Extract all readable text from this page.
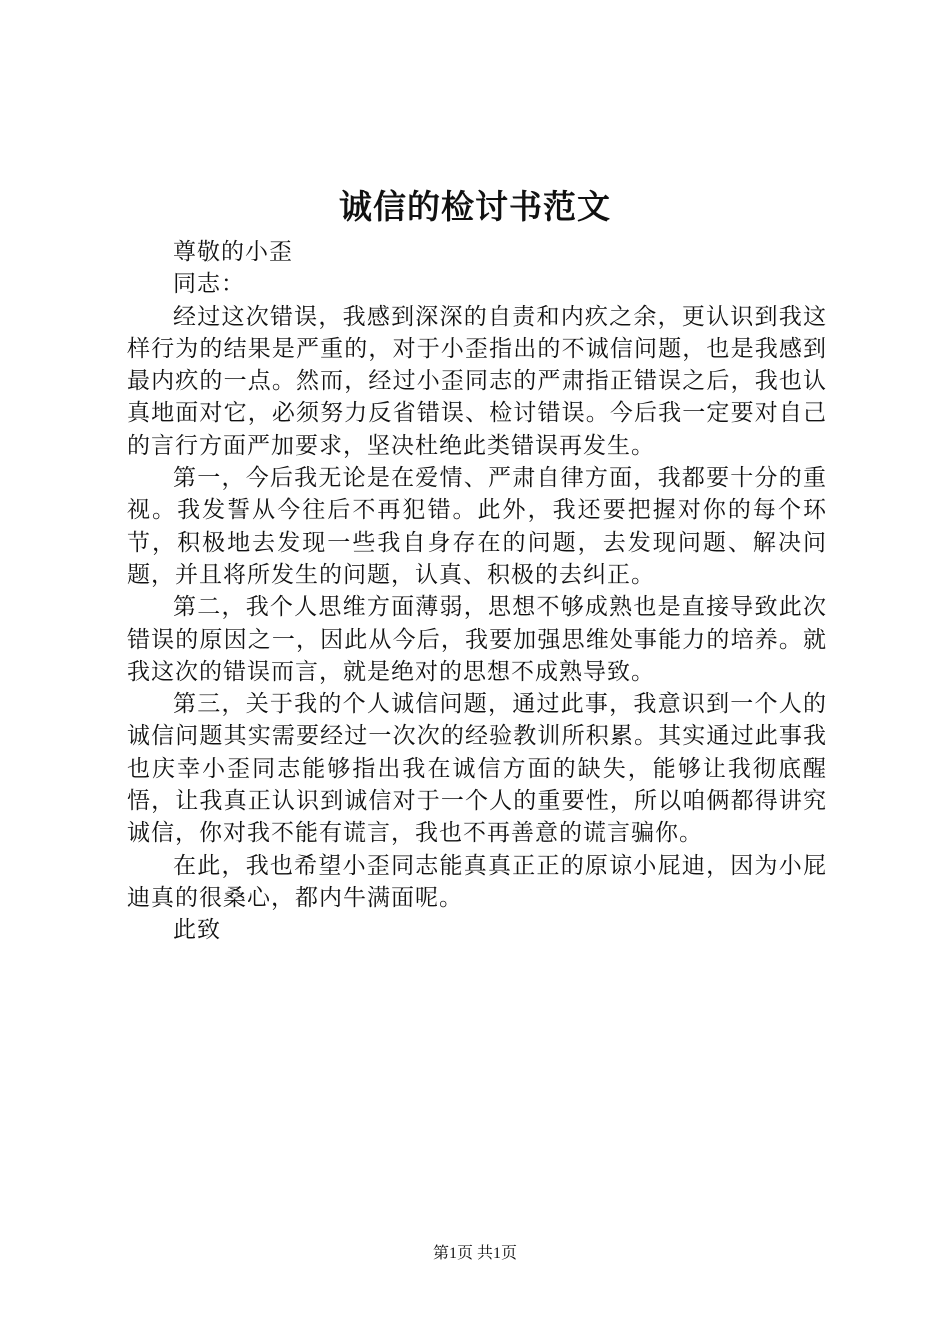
诚信的检讨书范文

尊敬的小歪

同志：

经过这次错误，我感到深深的自责和内疚之余，更认识到我这样行为的结果是严重的，对于小歪指出的不诚信问题，也是我感到最内疚的一点。然而，经过小歪同志的严肃指正错误之后，我也认真地面对它，必须努力反省错误、检讨错误。今后我一定要对自己的言行方面严加要求，坚决杜绝此类错误再发生。

第一，今后我无论是在爱情、严肃自律方面，我都要十分的重视。我发誓从今往后不再犯错。此外，我还要把握对你的每个环节，积极地去发现一些我自身存在的问题，去发现问题、解决问题，并且将所发生的问题，认真、积极的去纠正。

第二，我个人思维方面薄弱，思想不够成熟也是直接导致此次错误的原因之一，因此从今后，我要加强思维处事能力的培养。就我这次的错误而言，就是绝对的思想不成熟导致。

第三，关于我的个人诚信问题，通过此事，我意识到一个人的诚信问题其实需要经过一次次的经验教训所积累。其实通过此事我也庆幸小歪同志能够指出我在诚信方面的缺失，能够让我彻底醒悟，让我真正认识到诚信对于一个人的重要性，所以咱俩都得讲究诚信，你对我不能有谎言，我也不再善意的谎言骗你。

在此，我也希望小歪同志能真真正正的原谅小屁迪，因为小屁迪真的很桑心，都内牛满面呢。

此致

第1页 共1页
